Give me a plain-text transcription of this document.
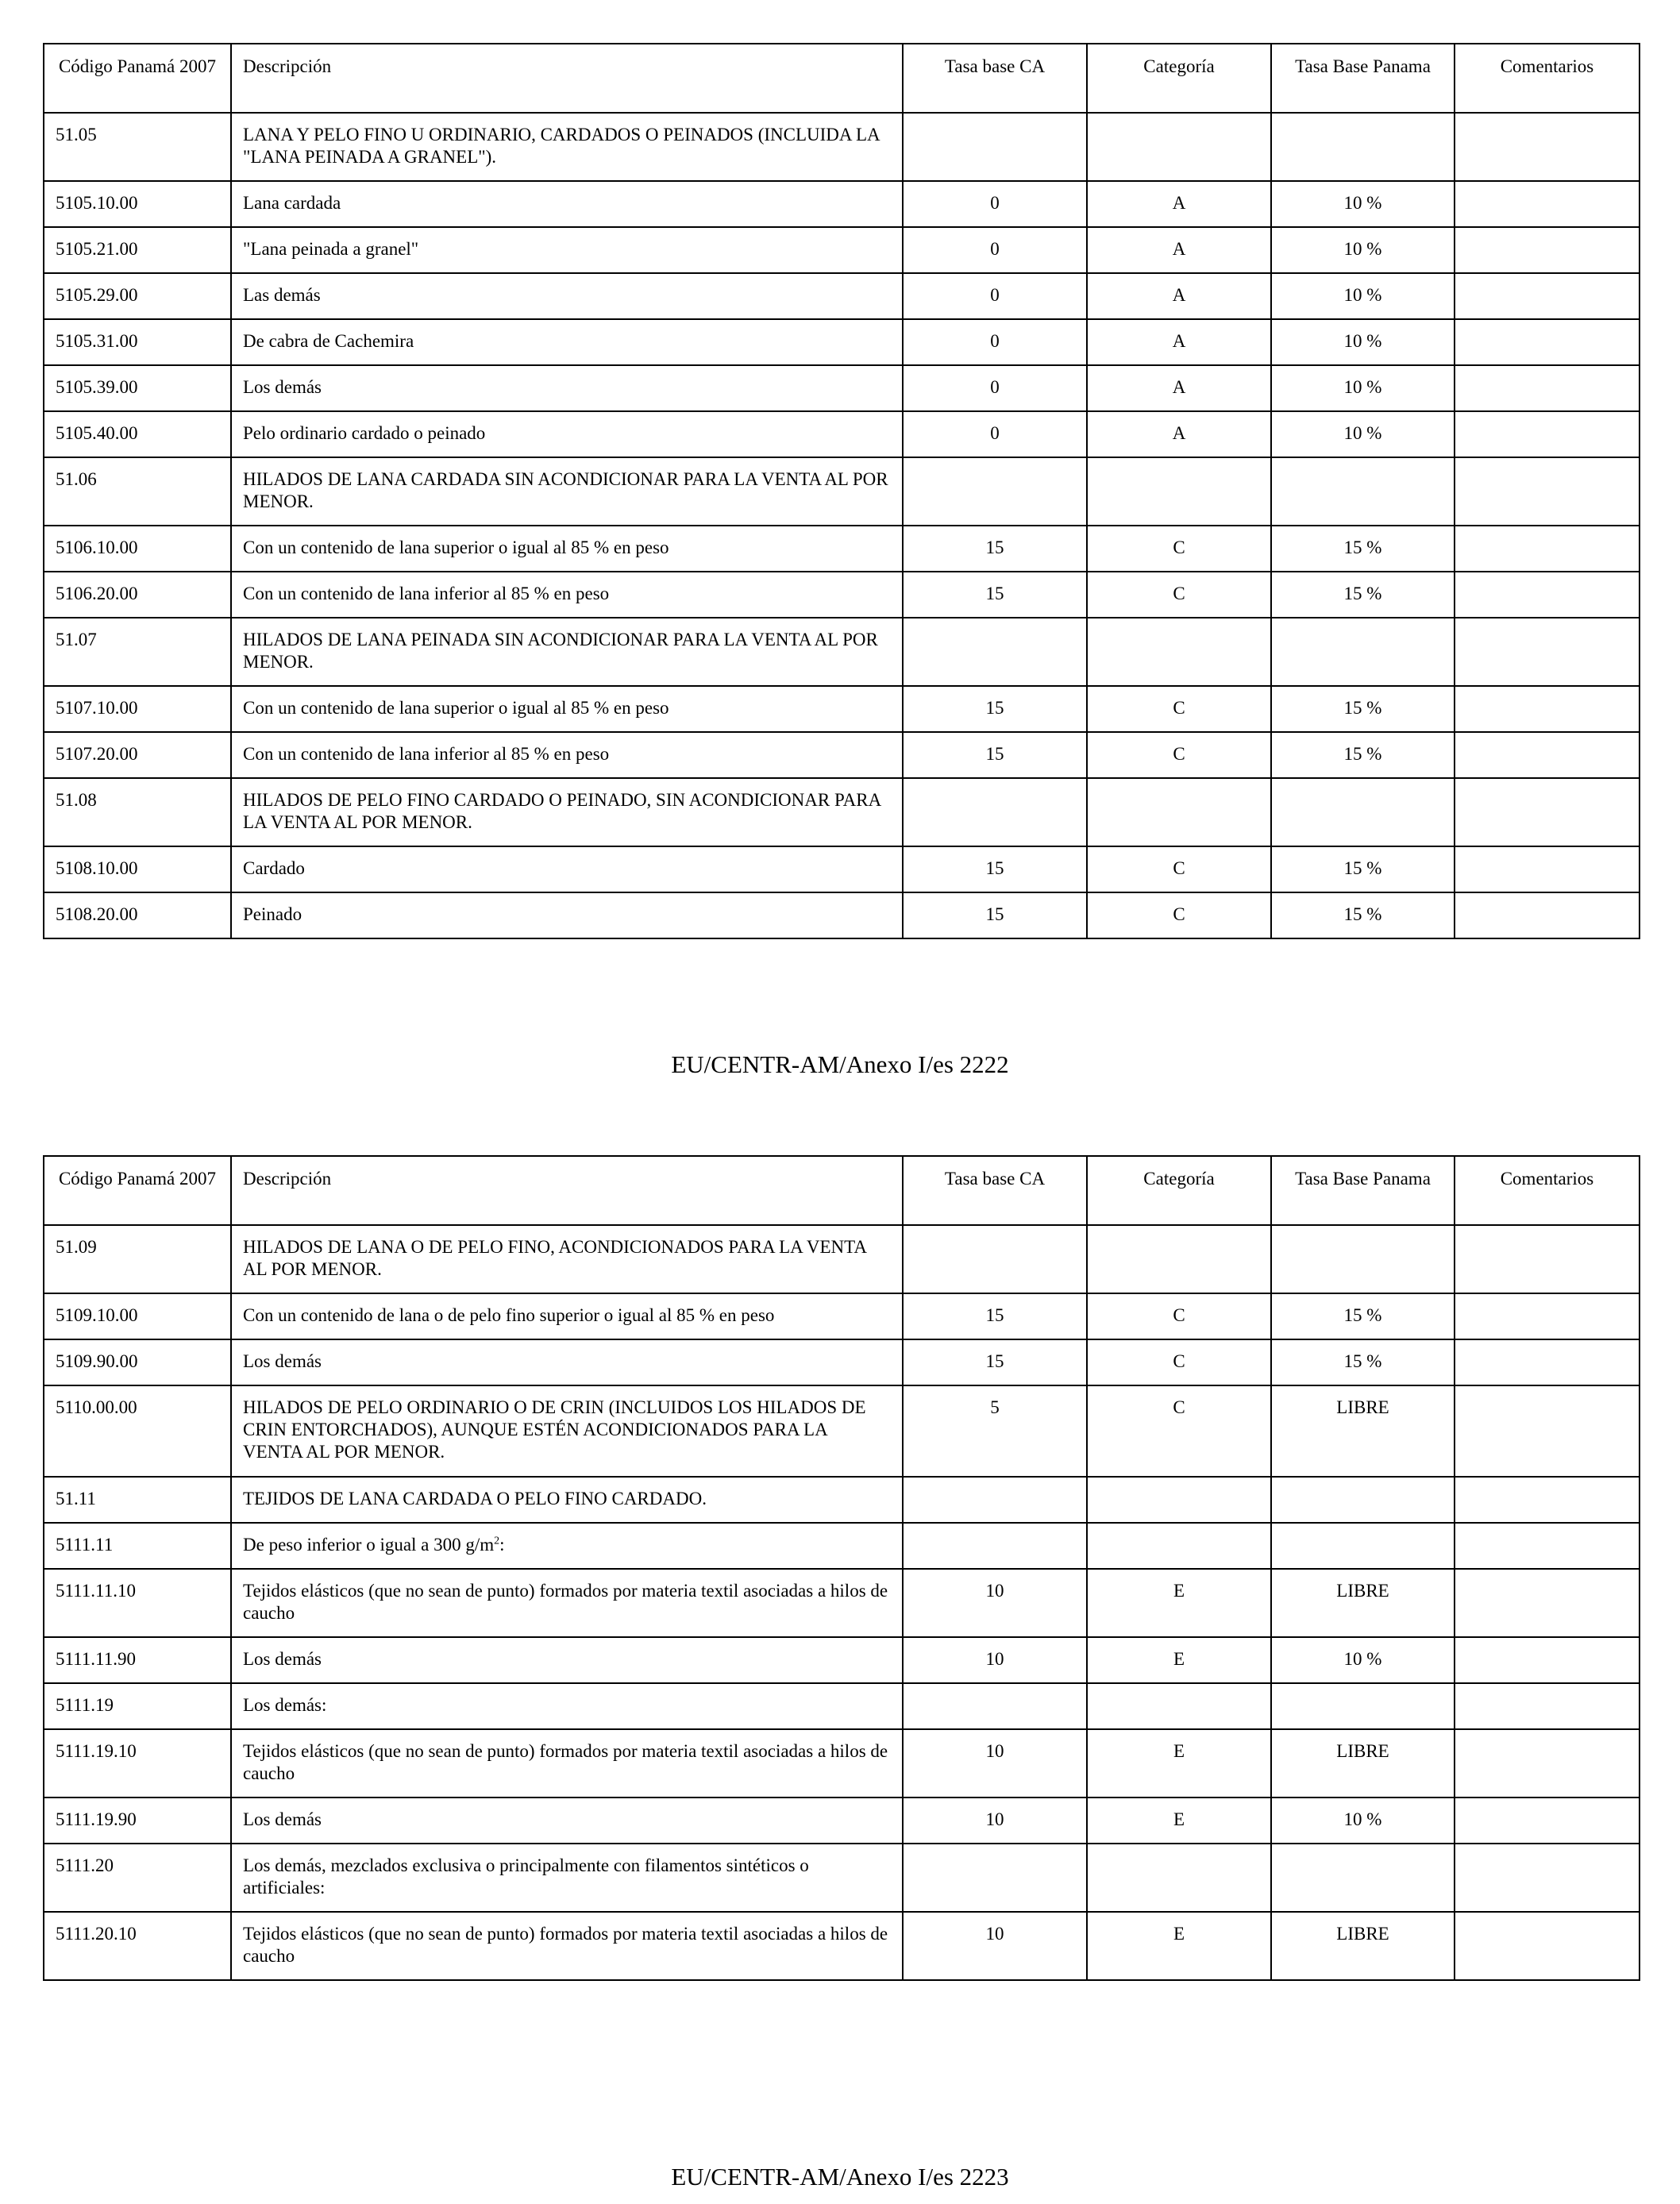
Código Panamá 2007	Descripción	Tasa base CA	Categoría	Tasa Base Panama	Comentarios
51.05	LANA Y PELO FINO U ORDINARIO, CARDADOS O PEINADOS (INCLUIDA LA "LANA PEINADA A GRANEL").				
5105.10.00	Lana cardada	0	A	10 %	
5105.21.00	"Lana peinada a granel"	0	A	10 %	
5105.29.00	Las demás	0	A	10 %	
5105.31.00	De cabra de Cachemira	0	A	10 %	
5105.39.00	Los demás	0	A	10 %	
5105.40.00	Pelo ordinario cardado o peinado	0	A	10 %	
51.06	HILADOS DE LANA CARDADA SIN ACONDICIONAR PARA LA VENTA AL POR MENOR.				
5106.10.00	Con un contenido de lana superior o igual al 85 % en peso	15	C	15 %	
5106.20.00	Con un contenido de lana inferior al 85 % en peso	15	C	15 %	
51.07	HILADOS DE LANA PEINADA SIN ACONDICIONAR PARA LA VENTA AL POR MENOR.				
5107.10.00	Con un contenido de lana superior o igual al 85 % en peso	15	C	15 %	
5107.20.00	Con un contenido de lana inferior al 85 % en peso	15	C	15 %	
51.08	HILADOS DE PELO FINO CARDADO O PEINADO, SIN ACONDICIONAR PARA LA VENTA AL POR MENOR.				
5108.10.00	Cardado	15	C	15 %	
5108.20.00	Peinado	15	C	15 %	
EU/CENTR-AM/Anexo I/es 2222
Código Panamá 2007	Descripción	Tasa base CA	Categoría	Tasa Base Panama	Comentarios
51.09	HILADOS DE LANA O DE PELO FINO, ACONDICIONADOS PARA LA VENTA AL POR MENOR.				
5109.10.00	Con un contenido de lana o de pelo fino superior o igual al 85 % en peso	15	C	15 %	
5109.90.00	Los demás	15	C	15 %	
5110.00.00	HILADOS DE PELO ORDINARIO O DE CRIN (INCLUIDOS LOS HILADOS DE CRIN ENTORCHADOS), AUNQUE ESTÉN ACONDICIONADOS PARA LA VENTA AL POR MENOR.	5	C	LIBRE	
51.11	TEJIDOS DE LANA CARDADA O PELO FINO CARDADO.				
5111.11	De peso inferior o igual a 300 $g/m^2$:				
5111.11.10	Tejidos elásticos (que no sean de punto) formados por materia textil asociadas a hilos de caucho	10	E	LIBRE	
5111.11.90	Los demás	10	E	10 %	
5111.19	Los demás:				
5111.19.10	Tejidos elásticos (que no sean de punto) formados por materia textil asociadas a hilos de caucho	10	E	LIBRE	
5111.19.90	Los demás	10	E	10 %	
5111.20	Los demás, mezclados exclusiva o principalmente con filamentos sintéticos o artificiales:				
5111.20.10	Tejidos elásticos (que no sean de punto) formados por materia textil asociadas a hilos de caucho	10	E	LIBRE	
EU/CENTR-AM/Anexo I/es 2223
